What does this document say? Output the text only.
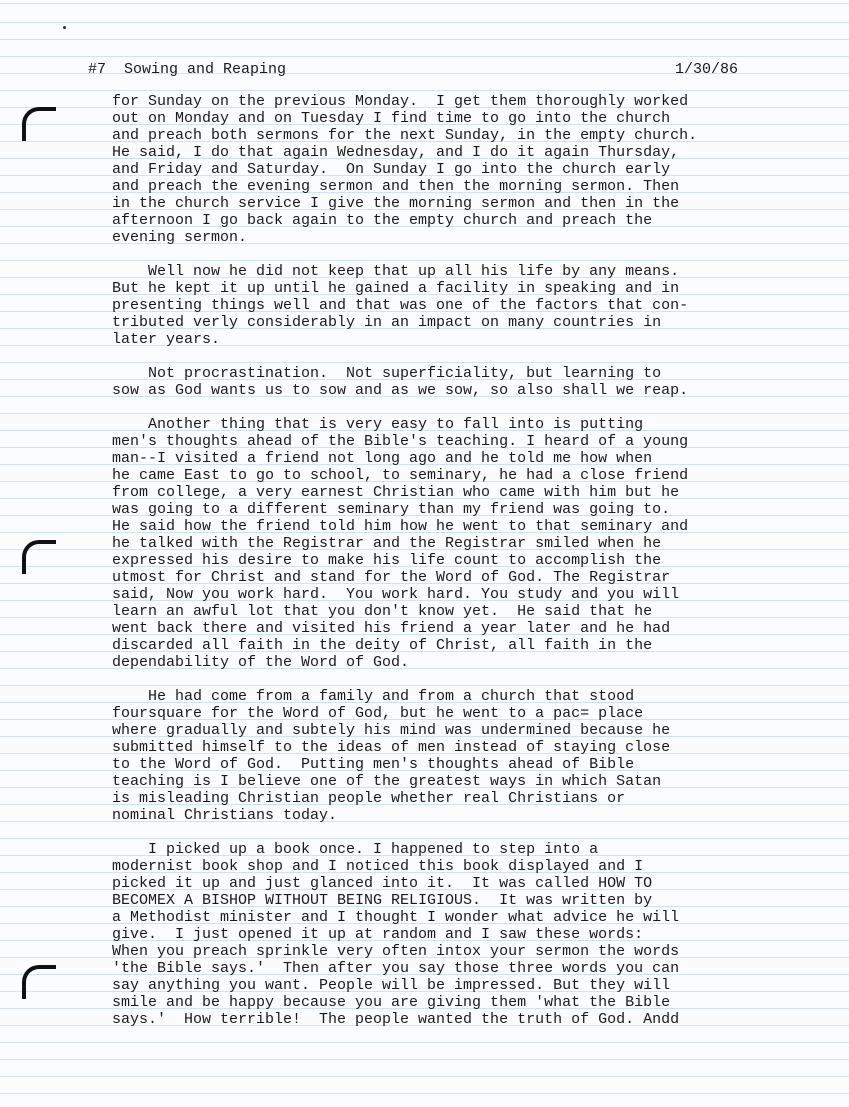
#7  Sowing and Reaping	1/30/86

for Sunday on the previous Monday.  I get them thoroughly worked
out on Monday and on Tuesday I find time to go into the church
and preach both sermons for the next Sunday, in the empty church.
He said, I do that again Wednesday, and I do it again Thursday,
and Friday and Saturday.  On Sunday I go into the church early
and preach the evening sermon and then the morning sermon. Then
in the church service I give the morning sermon and then in the
afternoon I go back again to the empty church and preach the
evening sermon.

Well now he did not keep that up all his life by any means.
But he kept it up until he gained a facility in speaking and in
presenting things well and that was one of the factors that con-
tributed verly considerably in an impact on many countries in
later years.

Not procrastination.  Not superficiality, but learning to
sow as God wants us to sow and as we sow, so also shall we reap.

Another thing that is very easy to fall into is putting
men's thoughts ahead of the Bible's teaching. I heard of a young
man--I visited a friend not long ago and he told me how when
he came East to go to school, to seminary, he had a close friend
from college, a very earnest Christian who came with him but he
was going to a different seminary than my friend was going to.
He said how the friend told him how he went to that seminary and
he talked with the Registrar and the Registrar smiled when he
expressed his desire to make his life count to accomplish the
utmost for Christ and stand for the Word of God. The Registrar
said, Now you work hard.  You work hard. You study and you will
learn an awful lot that you don't know yet.  He said that he
went back there and visited his friend a year later and he had
discarded all faith in the deity of Christ, all faith in the
dependability of the Word of God.

He had come from a family and from a church that stood
foursquare for the Word of God, but he went to a pac= place
where gradually and subtely his mind was undermined because he
submitted himself to the ideas of men instead of staying close
to the Word of God.  Putting men's thoughts ahead of Bible
teaching is I believe one of the greatest ways in which Satan
is misleading Christian people whether real Christians or
nominal Christians today.

I picked up a book once. I happened to step into a
modernist book shop and I noticed this book displayed and I
picked it up and just glanced into it.  It was called HOW TO
BECOMEX A BISHOP WITHOUT BEING RELIGIOUS.  It was written by
a Methodist minister and I thought I wonder what advice he will
give.  I just opened it up at random and I saw these words:
When you preach sprinkle very often intox your sermon the words
'the Bible says.'  Then after you say those three words you can
say anything you want. People will be impressed. But they will
smile and be happy because you are giving them 'what the Bible
says.'  How terrible!  The people wanted the truth of God. Andd
